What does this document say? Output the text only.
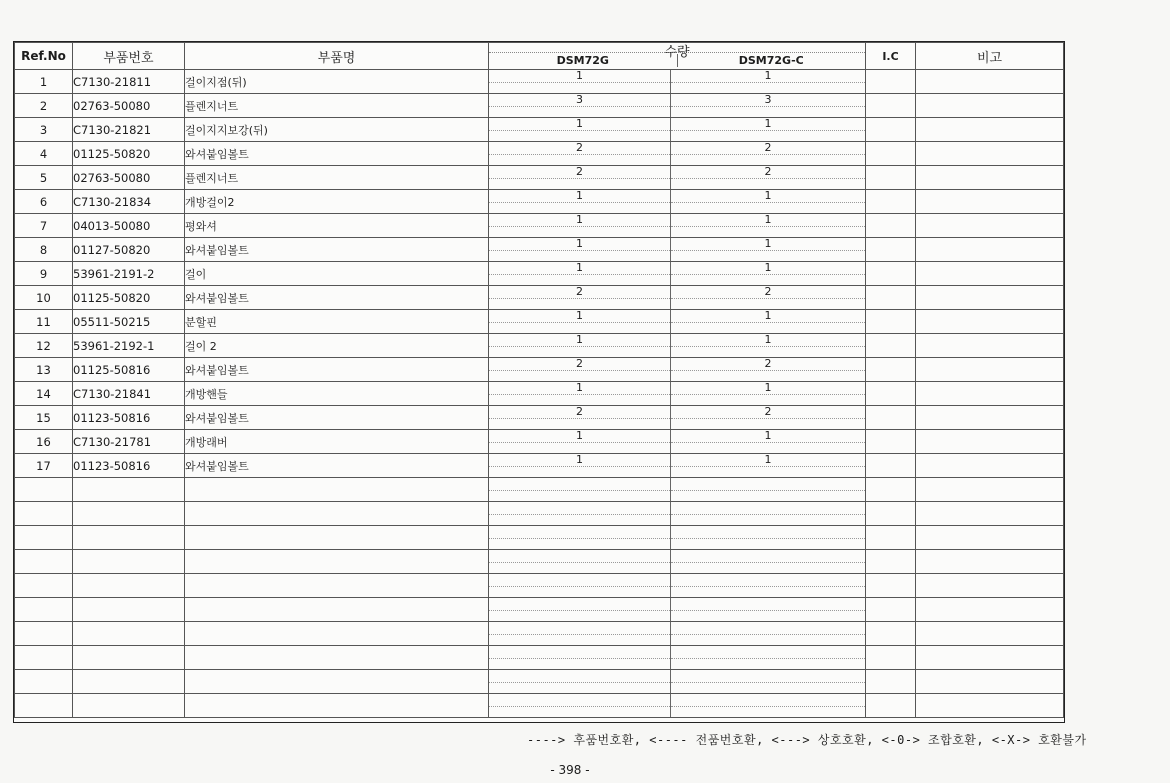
Ref.No	부품번호	부품명	수량
DSM72G DSM72G-C		I.C	비고
1	C7130-21811	걸이지점(뒤)	1	1

2	02763-50080	플렌지너트	3	3

3	C7130-21821	걸이지지보강(뒤)	1	1

4	01125-50820	와셔붙임볼트	2	2

5	02763-50080	플렌지너트	2	2

6	C7130-21834	개방걸이2	1	1

7	04013-50080	평와셔	1	1

8	01127-50820	와셔붙임볼트	1	1

9	53961-2191-2	걸이	1	1

10	01125-50820	와셔붙임볼트	2	2

11	05511-50215	분할핀	1	1

12	53961-2192-1	걸이 2	1	1

13	01125-50816	와셔붙임볼트	2	2

14	C7130-21841	개방핸들	1	1

15	01123-50816	와셔붙임볼트	2	2

16	C7130-21781	개방래버	1	1

17	01123-50816	와셔붙임볼트	1	1

----> 후품번호환, <---- 전품번호환, <---> 상호호환, <-0-> 조합호환, <-X-> 호환불가
- 398 -
